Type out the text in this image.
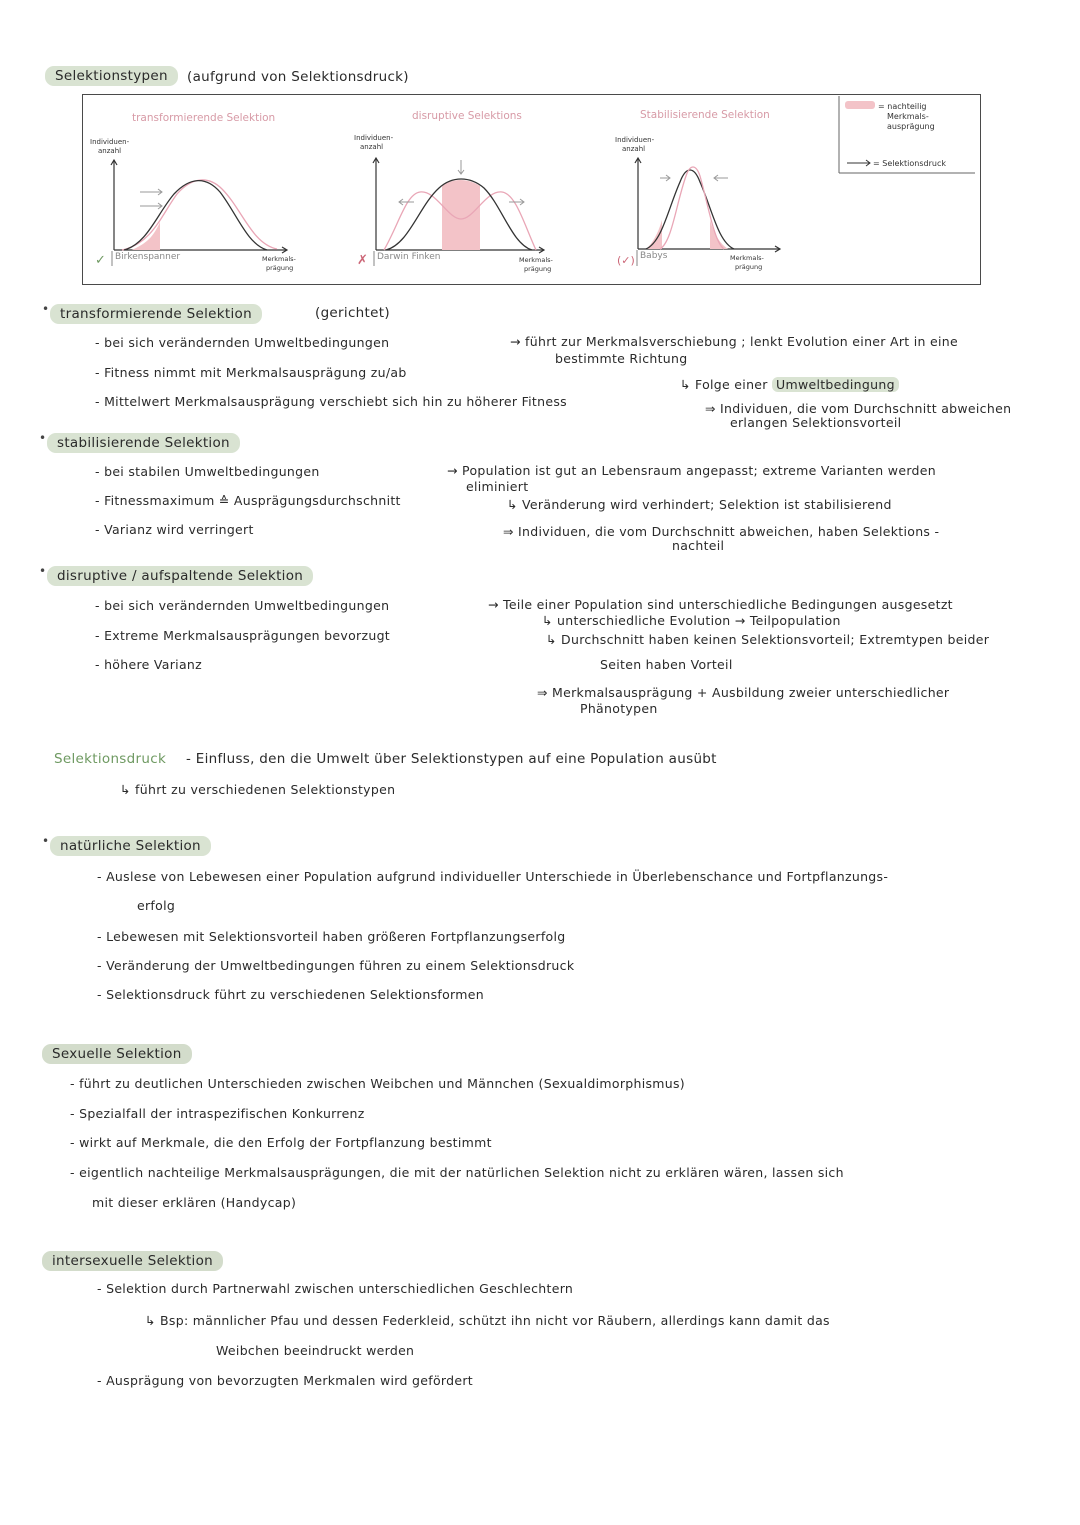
Selektionstypen	(aufgrund von Selektionsdruck)
transformierende Selektion
Individuen-
anzahl
✓ Birkenspanner	Merkmals-
prägung
disruptive Selektions
Individuen-
anzahl
✗ Darwin Finken	Merkmals-
prägung
Stabilisierende Selektion
Individuen-
anzahl
(✓) Babys	Merkmals-
prägung
= nachteilig
Merkmals-
ausprägung
= Selektionsdruck
• transformierende Selektion	(gerichtet)
- bei sich verändernden Umweltbedingungen
- Fitness nimmt mit Merkmalsausprägung zu/ab
- Mittelwert Merkmalsausprägung verschiebt sich hin zu höherer Fitness
→ führt zur Merkmalsverschiebung ; lenkt Evolution einer Art in eine
bestimmte Richtung
↳ Folge einer Umweltbedingung
⇒ Individuen, die vom Durchschnitt abweichen
erlangen Selektionsvorteil
• stabilisierende Selektion
- bei stabilen Umweltbedingungen
- Fitnessmaximum ≙ Ausprägungsdurchschnitt
- Varianz wird verringert
→ Population ist gut an Lebensraum angepasst; extreme Varianten werden
eliminiert
↳ Veränderung wird verhindert; Selektion ist stabilisierend
⇒ Individuen, die vom Durchschnitt abweichen, haben Selektions -
nachteil
• disruptive / aufspaltende Selektion
- bei sich verändernden Umweltbedingungen
- Extreme Merkmalsausprägungen bevorzugt
- höhere Varianz
→ Teile einer Population sind unterschiedliche Bedingungen ausgesetzt
↳ unterschiedliche Evolution → Teilpopulation
↳ Durchschnitt haben keinen Selektionsvorteil; Extremtypen beider
Seiten haben Vorteil
⇒ Merkmalsausprägung + Ausbildung zweier unterschiedlicher
Phänotypen
Selektionsdruck - Einfluss, den die Umwelt über Selektionstypen auf eine Population ausübt
↳ führt zu verschiedenen Selektionstypen
• natürliche Selektion
- Auslese von Lebewesen einer Population aufgrund individueller Unterschiede in Überlebenschance und Fortpflanzungs-
erfolg
- Lebewesen mit Selektionsvorteil haben größeren Fortpflanzungserfolg
- Veränderung der Umweltbedingungen führen zu einem Selektionsdruck
- Selektionsdruck führt zu verschiedenen Selektionsformen
Sexuelle Selektion
- führt zu deutlichen Unterschieden zwischen Weibchen und Männchen (Sexualdimorphismus)
- Spezialfall der intraspezifischen Konkurrenz
- wirkt auf Merkmale, die den Erfolg der Fortpflanzung bestimmt
- eigentlich nachteilige Merkmalsausprägungen, die mit der natürlichen Selektion nicht zu erklären wären, lassen sich
mit dieser erklären (Handycap)
intersexuelle Selektion
- Selektion durch Partnerwahl zwischen unterschiedlichen Geschlechtern
↳ Bsp: männlicher Pfau und dessen Federkleid, schützt ihn nicht vor Räubern, allerdings kann damit das
Weibchen beeindruckt werden
- Ausprägung von bevorzugten Merkmalen wird gefördert
